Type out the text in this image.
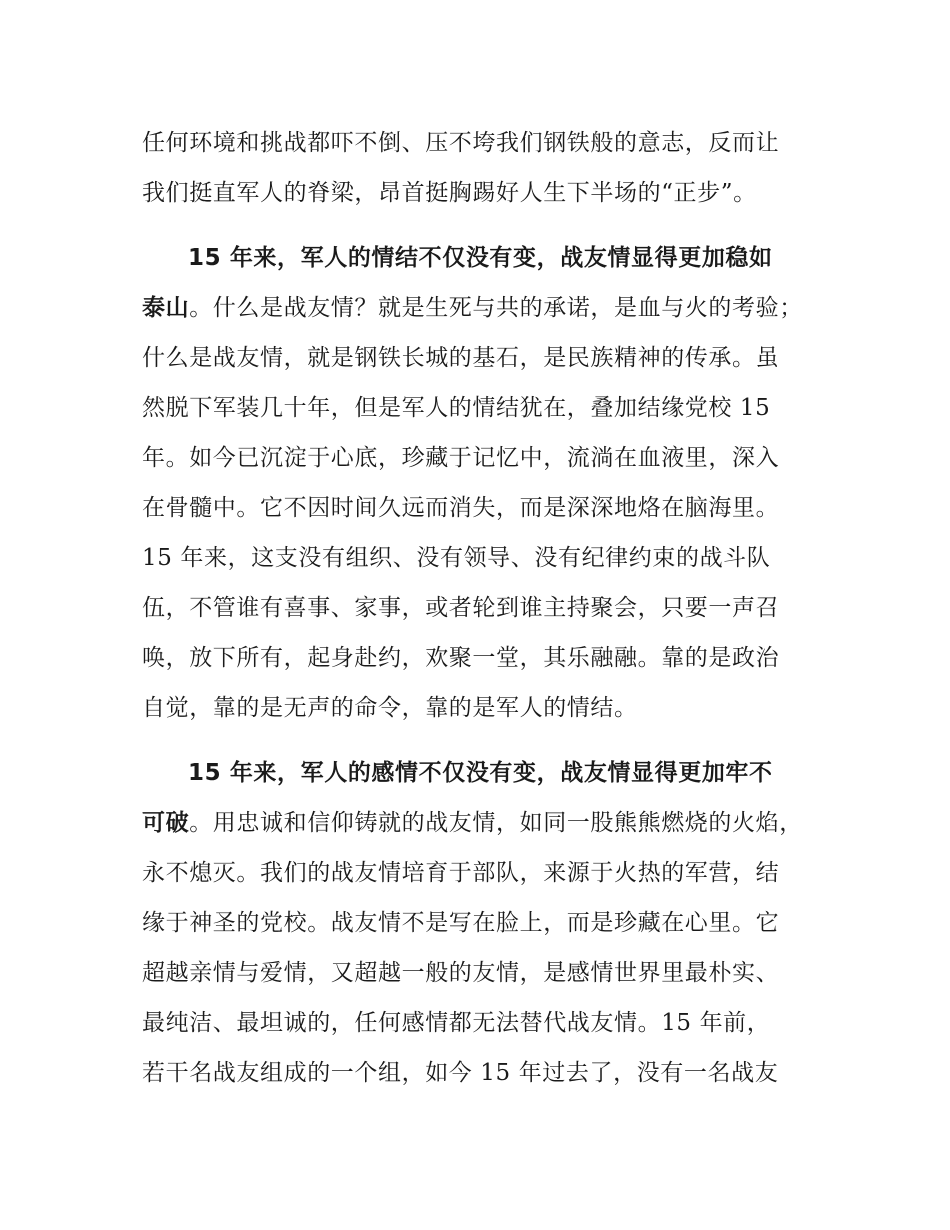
任何环境和挑战都吓不倒、压不垮我们钢铁般的意志，反而让
我们挺直军人的脊梁，昂首挺胸踢好人生下半场的“正步”。
15 年来，军人的情结不仅没有变，战友情显得更加稳如
泰山。什么是战友情？就是生死与共的承诺，是血与火的考验；
什么是战友情，就是钢铁长城的基石，是民族精神的传承。虽
然脱下军装几十年，但是军人的情结犹在，叠加结缘党校 15
年。如今已沉淀于心底，珍藏于记忆中，流淌在血液里，深入
在骨髓中。它不因时间久远而消失，而是深深地烙在脑海里。
15 年来，这支没有组织、没有领导、没有纪律约束的战斗队
伍，不管谁有喜事、家事，或者轮到谁主持聚会，只要一声召
唤，放下所有，起身赴约，欢聚一堂，其乐融融。靠的是政治
自觉，靠的是无声的命令，靠的是军人的情结。
15 年来，军人的感情不仅没有变，战友情显得更加牢不
可破。用忠诚和信仰铸就的战友情，如同一股熊熊燃烧的火焰，
永不熄灭。我们的战友情培育于部队，来源于火热的军营，结
缘于神圣的党校。战友情不是写在脸上，而是珍藏在心里。它
超越亲情与爱情，又超越一般的友情，是感情世界里最朴实、
最纯洁、最坦诚的，任何感情都无法替代战友情。15 年前，
若干名战友组成的一个组，如今 15 年过去了，没有一名战友
